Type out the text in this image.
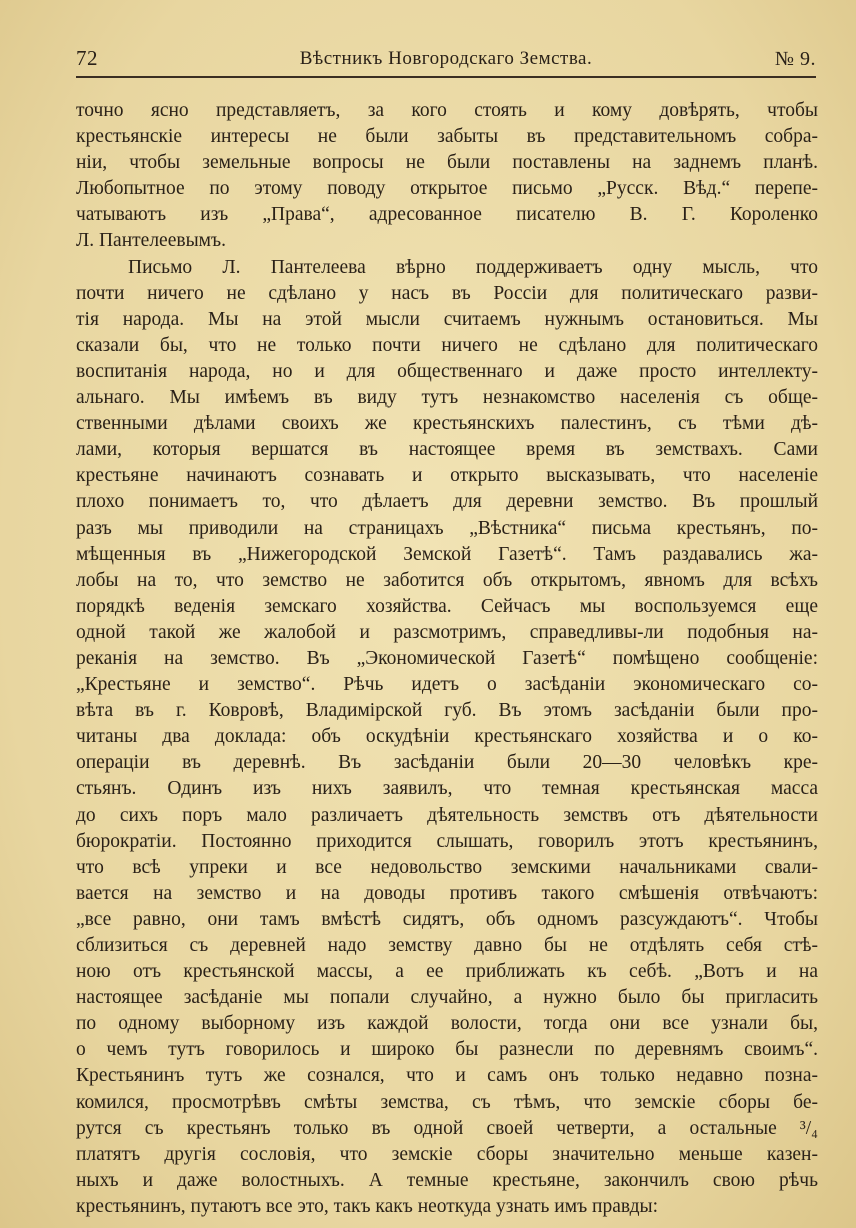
72	Вѣстникъ Новгородскаго Земства.	№ 9.
точно ясно представляетъ, за кого стоять и кому довѣрять, чтобы
крестьянскіе интересы не были забыты въ представительномъ собра-
ніи, чтобы земельные вопросы не были поставлены на заднемъ планѣ.
Любопытное по этому поводу открытое письмо „Русск. Вѣд.“ перепе-
чатываютъ изъ „Права“, адресованное писателю В. Г. Короленко
Л. Пантелеевымъ.
Письмо Л. Пантелеева вѣрно поддерживаетъ одну мысль, что
почти ничего не сдѣлано у насъ въ Россіи для политическаго разви-
тія народа. Мы на этой мысли считаемъ нужнымъ остановиться. Мы
сказали бы, что не только почти ничего не сдѣлано для политическаго
воспитанія народа, но и для общественнаго и даже просто интеллекту-
альнаго. Мы имѣемъ въ виду тутъ незнакомство населенія съ обще-
ственными дѣлами своихъ же крестьянскихъ палестинъ, съ тѣми дѣ-
лами, которыя вершатся въ настоящее время въ земствахъ. Сами
крестьяне начинаютъ сознавать и открыто высказывать, что населеніе
плохо понимаетъ то, что дѣлаетъ для деревни земство. Въ прошлый
разъ мы приводили на страницахъ „Вѣстника“ письма крестьянъ, по-
мѣщенныя въ „Нижегородской Земской Газетѣ“. Тамъ раздавались жа-
лобы на то, что земство не заботится объ открытомъ, явномъ для всѣхъ
порядкѣ веденія земскаго хозяйства. Сейчасъ мы воспользуемся еще
одной такой же жалобой и разсмотримъ, справедливы-ли подобныя на-
реканія на земство. Въ „Экономической Газетѣ“ помѣщено сообщеніе:
„Крестьяне и земство“. Рѣчь идетъ о засѣданіи экономическаго со-
вѣта въ г. Ковровѣ, Владимірской губ. Въ этомъ засѣданіи были про-
читаны два доклада: объ оскудѣніи крестьянскаго хозяйства и о ко-
операціи въ деревнѣ. Въ засѣданіи были 20—30 человѣкъ кре-
стьянъ. Одинъ изъ нихъ заявилъ, что темная крестьянская масса
до сихъ поръ мало различаетъ дѣятельность земствъ отъ дѣятельности
бюрократіи. Постоянно приходится слышать, говорилъ этотъ крестьянинъ,
что всѣ упреки и все недовольство земскими начальниками свали-
вается на земство и на доводы противъ такого смѣшенія отвѣчаютъ:
„все равно, они тамъ вмѣстѣ сидятъ, объ одномъ разсуждаютъ“. Чтобы
сблизиться съ деревней надо земству давно бы не отдѣлять себя стѣ-
ною отъ крестьянской массы, а ее приближать къ себѣ. „Вотъ и на
настоящее засѣданіе мы попали случайно, а нужно было бы пригласить
по одному выборному изъ каждой волости, тогда они все узнали бы,
о чемъ тутъ говорилось и широко бы разнесли по деревнямъ своимъ“.
Крестьянинъ тутъ же сознался, что и самъ онъ только недавно позна-
комился, просмотрѣвъ смѣты земства, съ тѣмъ, что земскіе сборы бе-
рутся съ крестьянъ только въ одной своей четверти, а остальные ³/₄
платятъ другія сословія, что земскіе сборы значительно меньше казен-
ныхъ и даже волостныхъ. А темные крестьяне, закончилъ свою рѣчь
крестьянинъ, путаютъ все это, такъ какъ неоткуда узнать имъ правды:
